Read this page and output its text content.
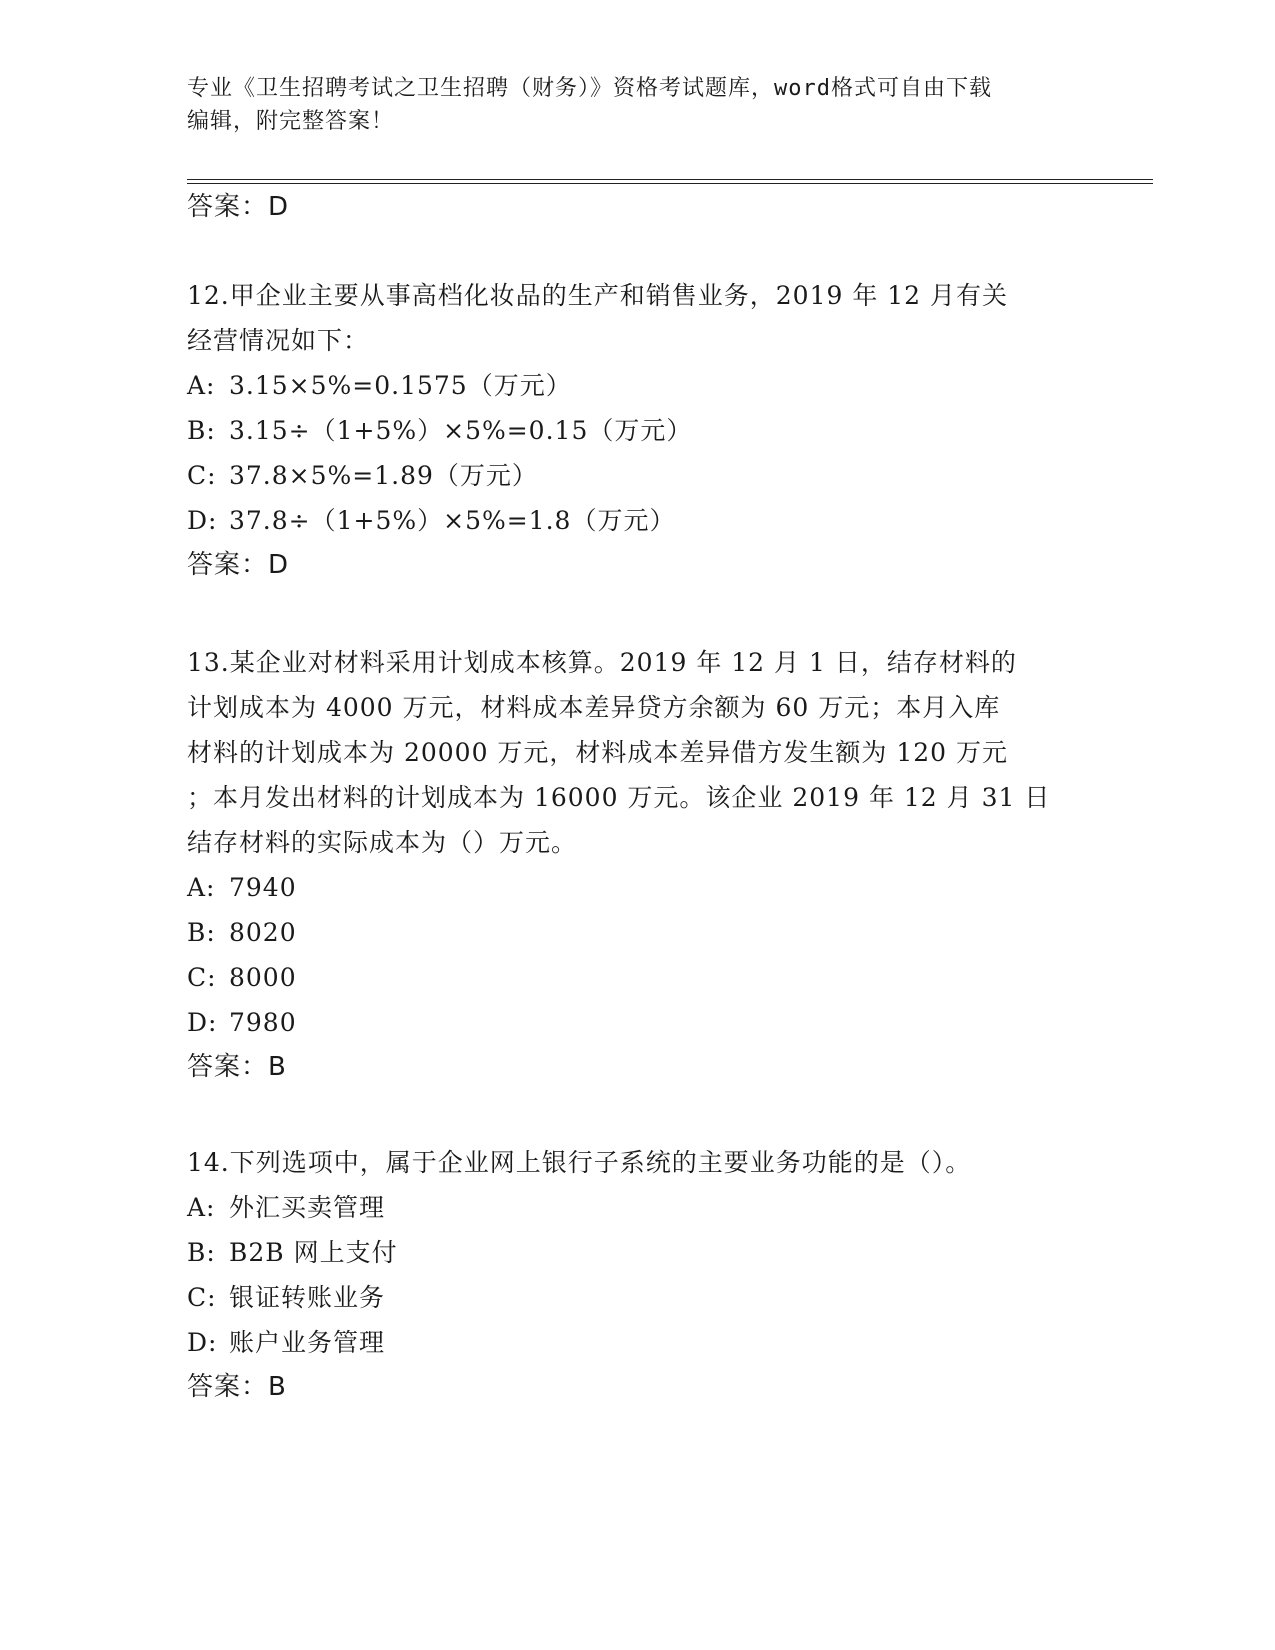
专业《卫生招聘考试之卫生招聘（财务）》资格考试题库，word格式可自由下载
编辑，附完整答案！
答案：D
12.甲企业主要从事高档化妆品的生产和销售业务，2019 年 12 月有关
经营情况如下：
A: 3.15×5%=0.1575（万元）
B: 3.15÷（1+5%）×5%=0.15（万元）
C: 37.8×5%=1.89（万元）
D: 37.8÷（1+5%）×5%=1.8（万元）
答案：D
13.某企业对材料采用计划成本核算。2019 年 12 月 1 日，结存材料的
计划成本为 4000 万元，材料成本差异贷方余额为 60 万元；本月入库
材料的计划成本为 20000 万元，材料成本差异借方发生额为 120 万元
；本月发出材料的计划成本为 16000 万元。该企业 2019 年 12 月 31 日
结存材料的实际成本为（）万元。
A: 7940
B: 8020
C: 8000
D: 7980
答案：B
14.下列选项中，属于企业网上银行子系统的主要业务功能的是（）。
A: 外汇买卖管理
B: B2B 网上支付
C: 银证转账业务
D: 账户业务管理
答案：B
